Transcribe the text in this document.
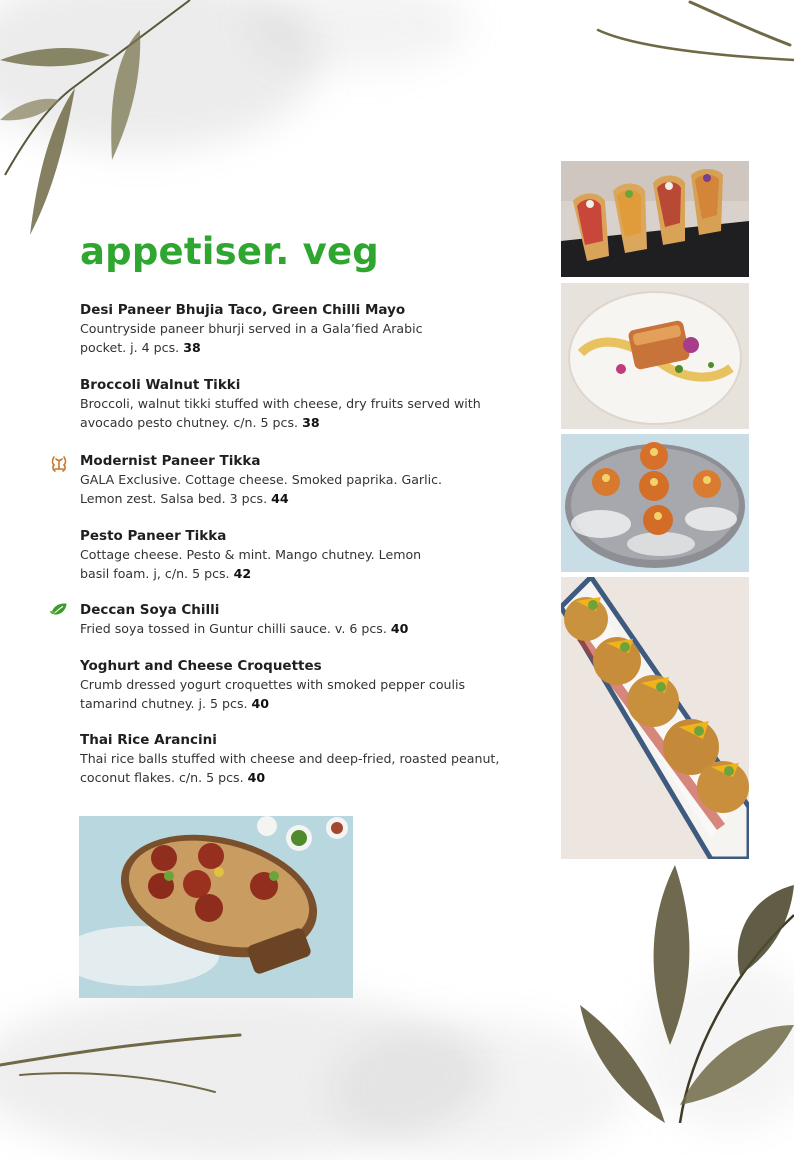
appetiser. veg

Desi Paneer Bhujia Taco, Green Chilli Mayo

Countryside paneer bhurji served in a Gala’fied Arabic
pocket. j. 4 pcs. 38

Broccoli Walnut Tikki

Broccoli, walnut tikki stuffed with cheese, dry fruits served with
avocado pesto chutney. c/n. 5 pcs. 38

Modernist Paneer Tikka

GALA Exclusive. Cottage cheese. Smoked paprika. Garlic.
Lemon zest. Salsa bed. 3 pcs. 44

Pesto Paneer Tikka

Cottage cheese. Pesto & mint. Mango chutney. Lemon
basil foam. j, c/n. 5 pcs. 42

Deccan Soya Chilli

Fried soya tossed in Guntur chilli sauce. v. 6 pcs. 40

Yoghurt and Cheese Croquettes

Crumb dressed yogurt croquettes with smoked pepper coulis
tamarind chutney. j. 5 pcs. 40

Thai Rice Arancini

Thai rice balls stuffed with cheese and deep-fried, roasted peanut,
coconut flakes. c/n. 5 pcs. 40
